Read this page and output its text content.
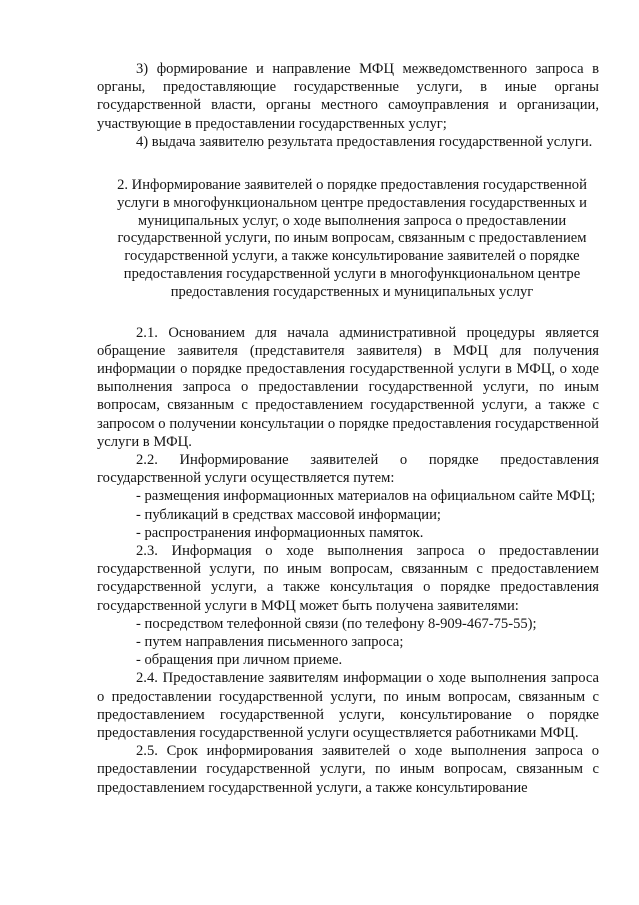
3) формирование и направление МФЦ межведомственного запроса в органы, предоставляющие государственные услуги, в иные органы государственной власти, органы местного самоуправления и организации, участвующие в предоставлении государственных услуг;

4) выдача заявителю результата предоставления государственной услуги.

2. Информирование заявителей о порядке предоставления государственной услуги в многофункциональном центре предоставления государственных и муниципальных услуг, о ходе выполнения запроса о предоставлении государственной услуги, по иным вопросам, связанным с предоставлением государственной услуги, а также консультирование заявителей о порядке предоставления государственной услуги в многофункциональном центре предоставления государственных и муниципальных услуг

2.1. Основанием для начала административной процедуры является обращение заявителя (представителя заявителя) в МФЦ для получения информации о порядке предоставления государственной услуги в МФЦ, о ходе выполнения запроса о предоставлении государственной услуги, по иным вопросам, связанным с предоставлением государственной услуги, а также с запросом о получении консультации о порядке предоставления государственной услуги в МФЦ.

2.2. Информирование заявителей о порядке предоставления государственной услуги осуществляется путем:

- размещения информационных материалов на официальном сайте МФЦ;

- публикаций в средствах массовой информации;

- распространения информационных памяток.

2.3. Информация о ходе выполнения запроса о предоставлении государственной услуги, по иным вопросам, связанным с предоставлением государственной услуги, а также консультация о порядке предоставления государственной услуги в МФЦ может быть получена заявителями:

- посредством телефонной связи (по телефону 8-909-467-75-55);

- путем направления письменного запроса;

- обращения при личном приеме.

2.4. Предоставление заявителям информации о ходе выполнения запроса о предоставлении государственной услуги, по иным вопросам, связанным с предоставлением государственной услуги, консультирование о порядке предоставления государственной услуги осуществляется работниками МФЦ.

2.5. Срок информирования заявителей о ходе выполнения запроса о предоставлении государственной услуги, по иным вопросам, связанным с предоставлением государственной услуги, а также консультирование
